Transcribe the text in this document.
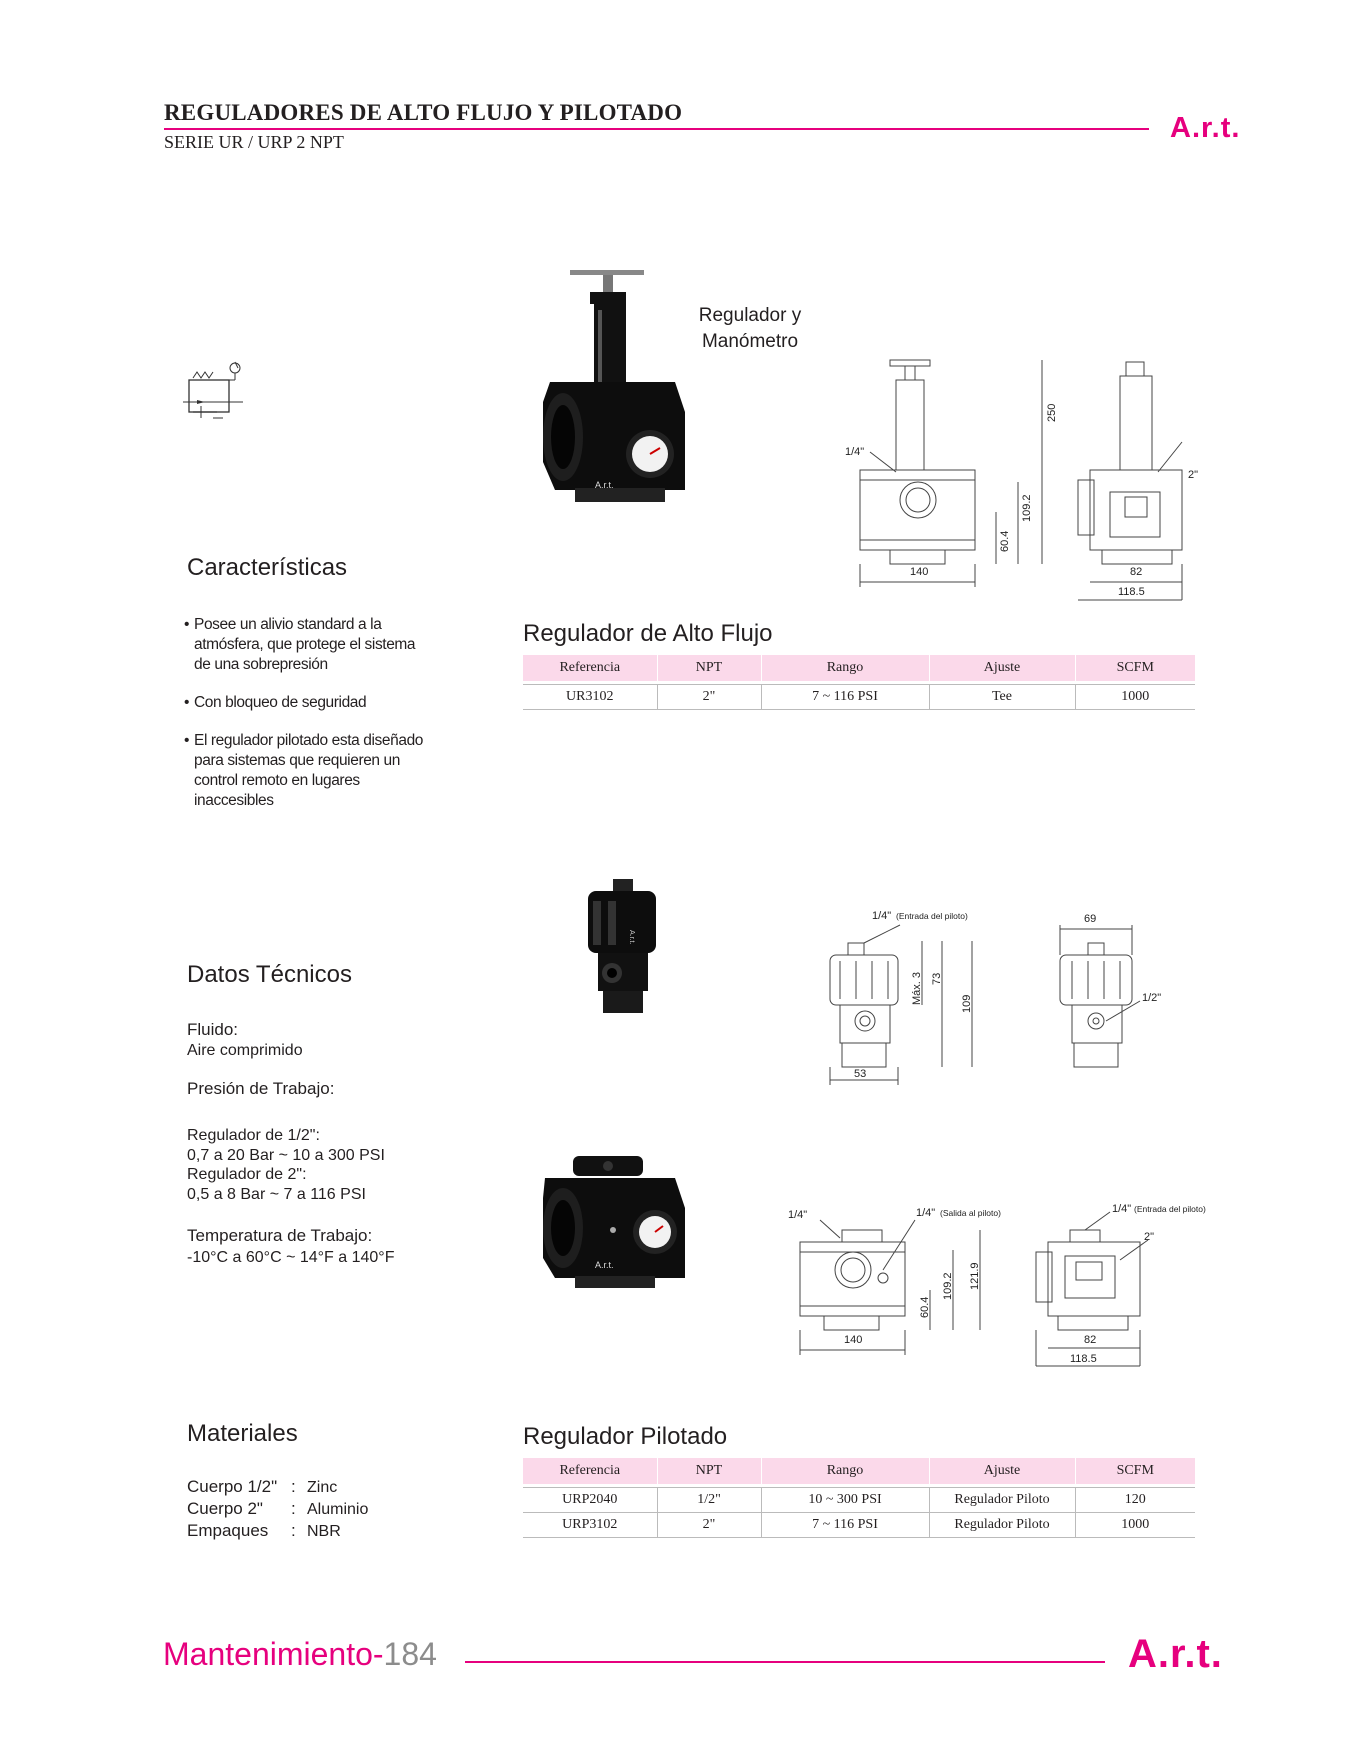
REGULADORES DE ALTO FLUJO Y PILOTADO
SERIE UR / URP 2 NPT	A.r.t.
A.r.t.
Regulador y
Manómetro
1/4"
250
109.2
60.4
140
2"
82
118.5
Características
• Posee un alivio standard a la atmósfera, que protege el sistema de una sobrepresión
• Con bloqueo de seguridad
• El regulador pilotado esta diseñado para sistemas que requieren un control remoto en lugares inaccesibles
Regulador de Alto Flujo
Referencia	NPT	Rango	Ajuste	SCFM

UR3102	2"	7 ~ 116 PSI	Tee	1000
A.r.t.
1/4" (Entrada del piloto)
Máx. 3 73
109
53
69
1/2"
Datos Técnicos
Fluido:
Aire comprimido
Presión de Trabajo:
Regulador de 1/2":
0,7 a 20 Bar ~ 10 a 300 PSI
Regulador de 2":
0,5 a 8 Bar ~ 7 a 116 PSI
Temperatura de Trabajo:
-10°C a 60°C ~ 14°F a 140°F	A.r.t.
1/4"	1/4" (Salida al piloto)
60.4
109.2 121.9
140
1/4" (Entrada del piloto)
2"
82
118.5
Materiales
Cuerpo 1/2" : Zinc
Cuerpo 2"	: Aluminio
Empaques	: NBR
Regulador Pilotado
Referencia	NPT	Rango	Ajuste	SCFM

URP2040	1/2"	10 ~ 300 PSI	Regulador Piloto	120
URP3102	2"	7 ~ 116 PSI	Regulador Piloto	1000
Mantenimiento-184	A.r.t.
